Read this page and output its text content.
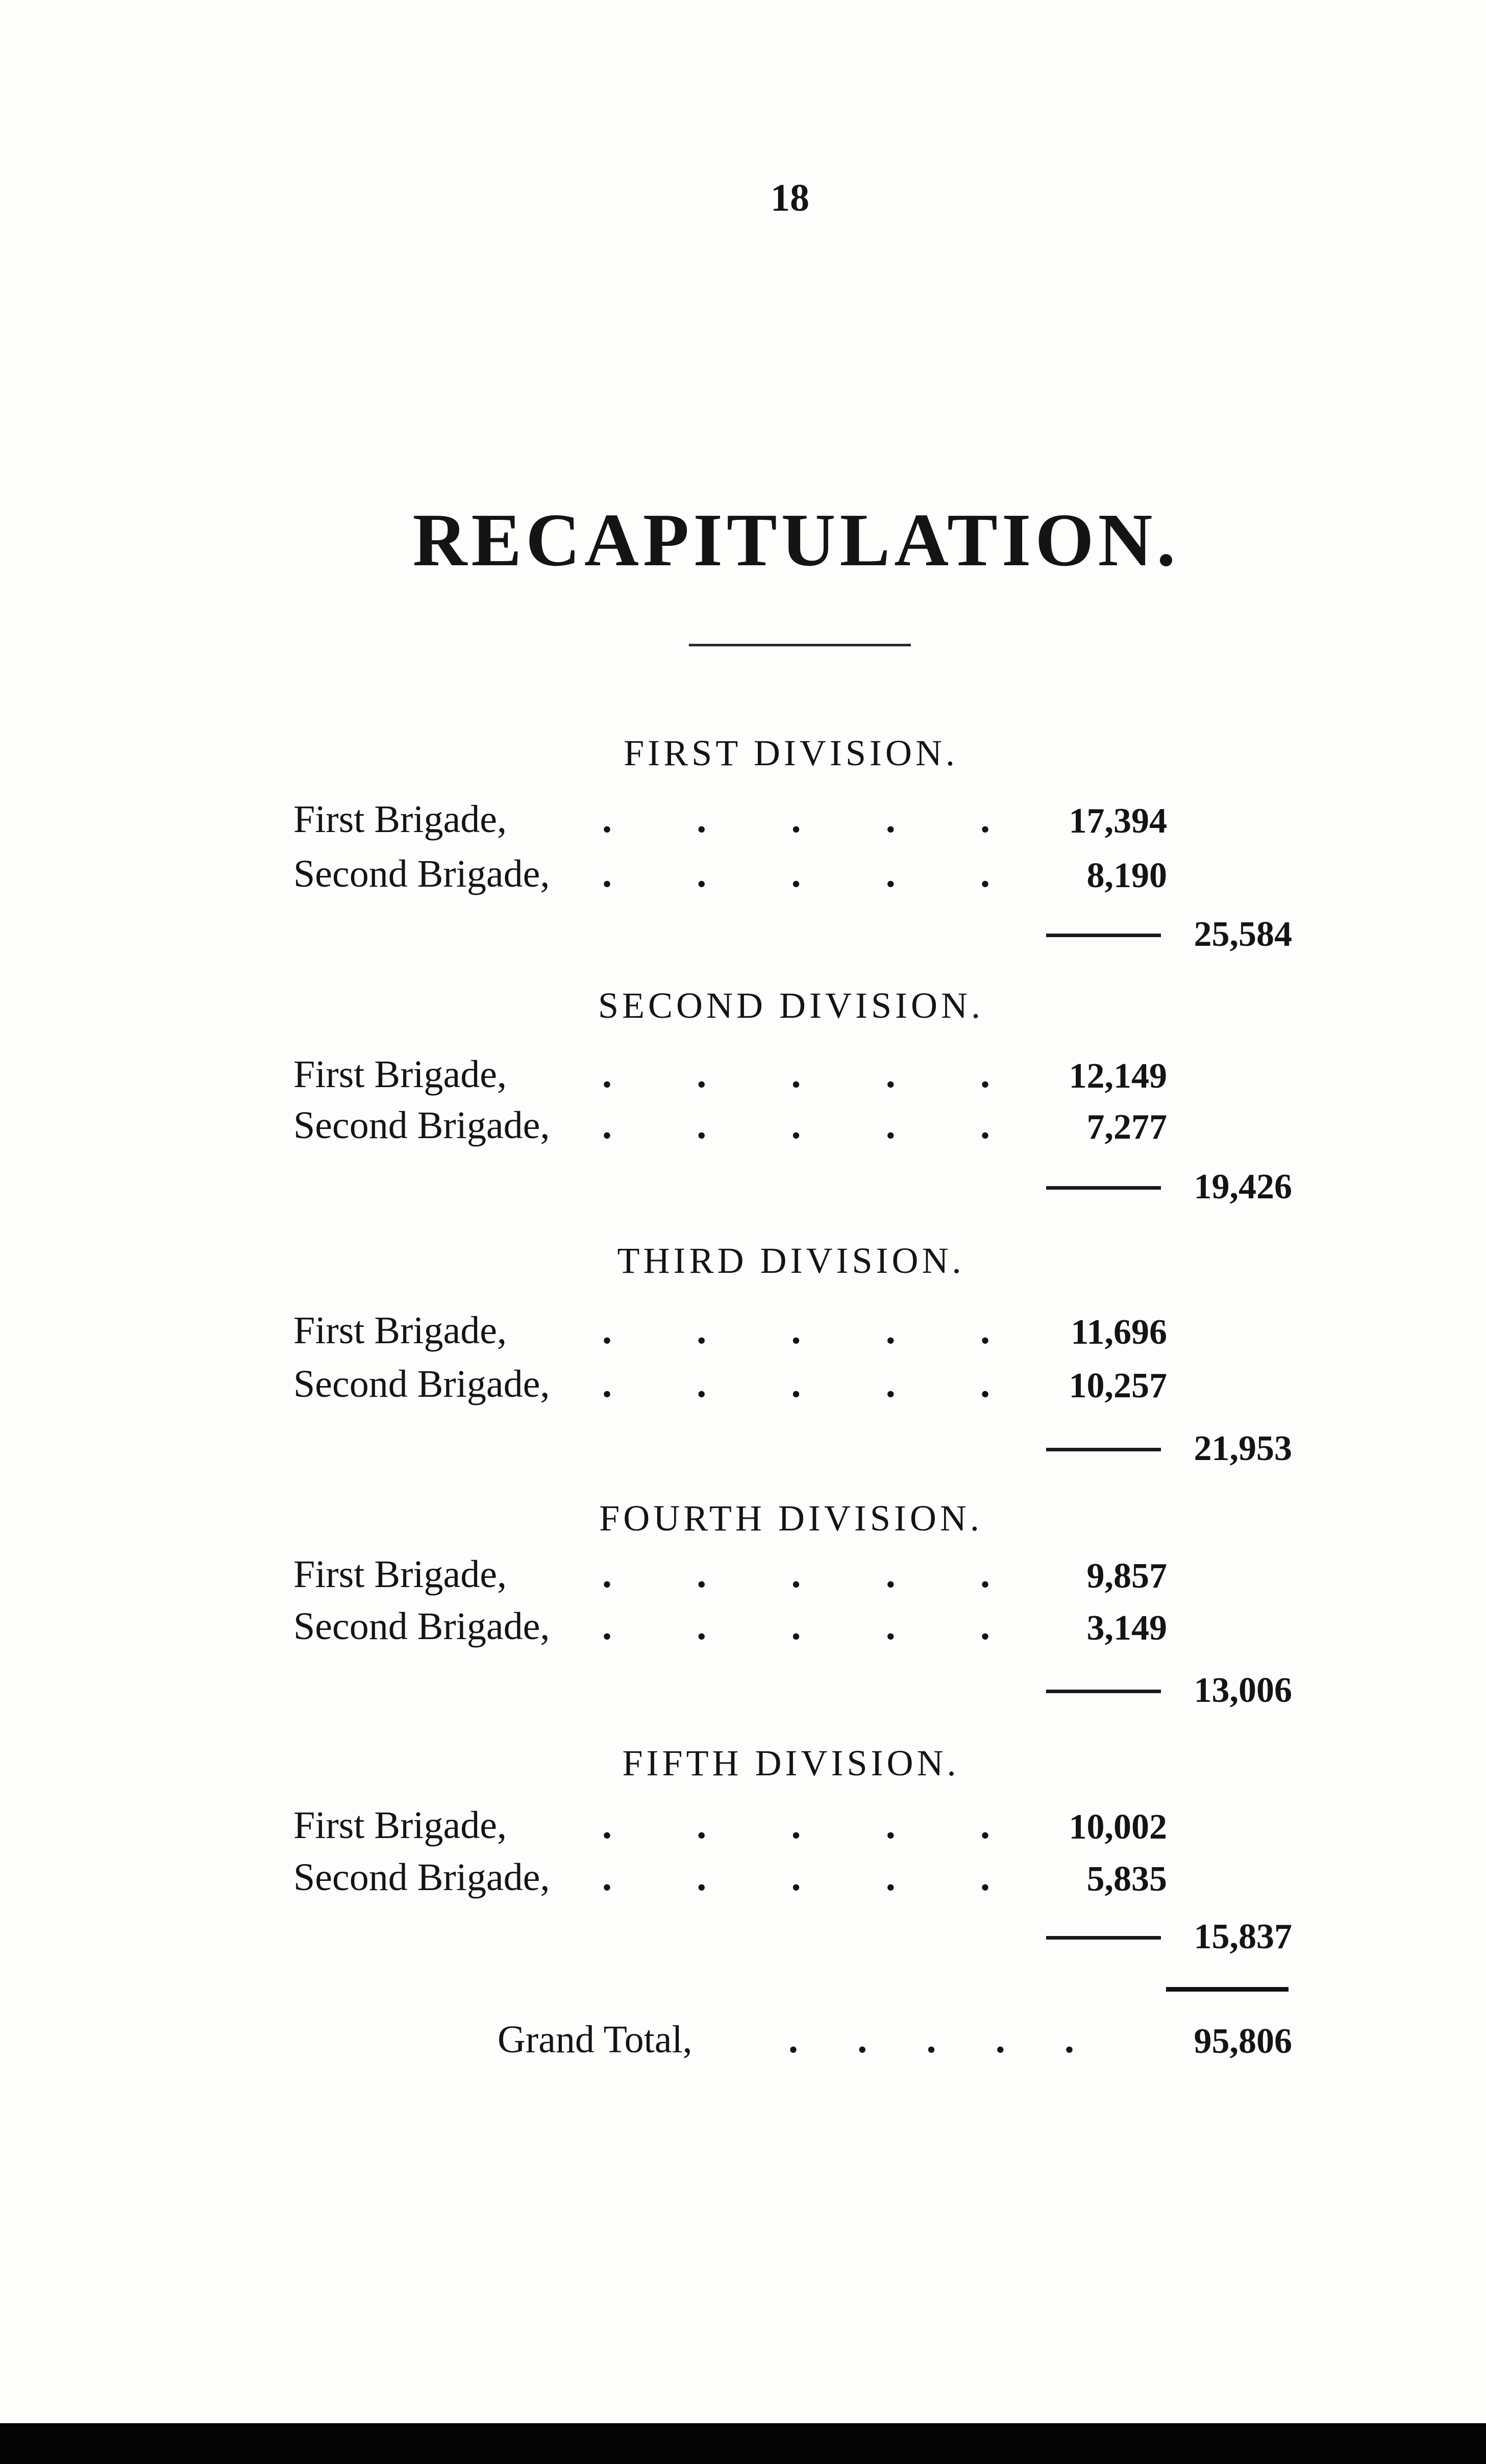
18
RECAPITULATION.
FIRST DIVISION.
First Brigade, . . . . .	17,394
Second Brigade, . . . . .	8,190
25,584
SECOND DIVISION.
First Brigade, . . . . .	12,149
Second Brigade, . . . . .	7,277
19,426
THIRD DIVISION.
First Brigade, . . . . .	11,696
Second Brigade, . . . . .	10,257
21,953
FOURTH DIVISION.
First Brigade, . . . . .	9,857
Second Brigade, . . . . .	3,149
13,006
FIFTH DIVISION.
First Brigade, . . . . .	10,002
Second Brigade, . . . . .	5,835
15,837
Grand Total, . . . . .	95,806
